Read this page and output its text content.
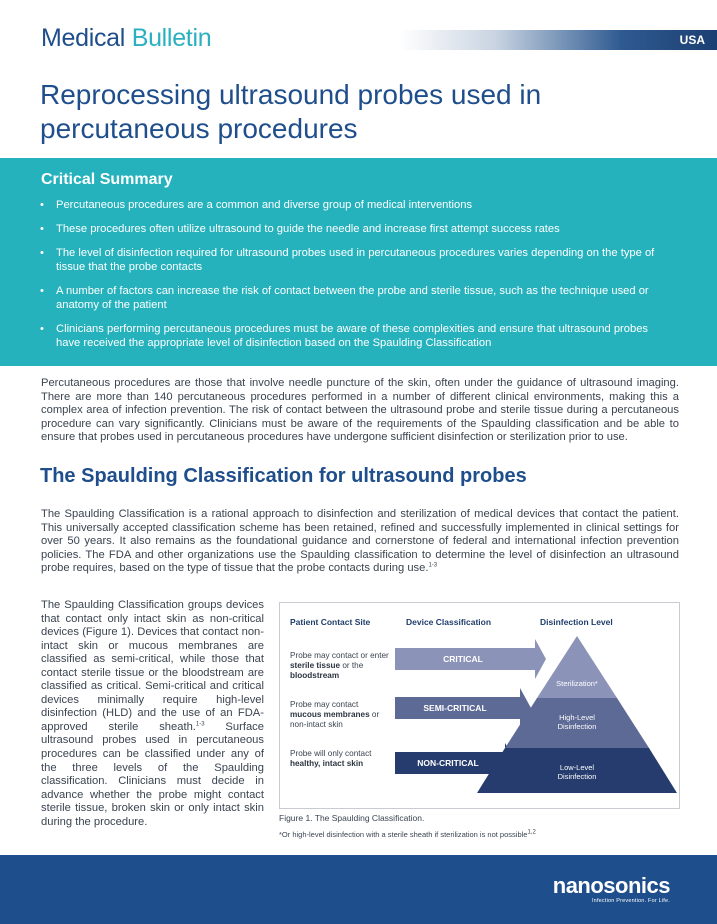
Medical Bulletin	USA
Reprocessing ultrasound probes used in percutaneous procedures
Critical Summary
• Percutaneous procedures are a common and diverse group of medical interventions
• These procedures often utilize ultrasound to guide the needle and increase first attempt success rates
• The level of disinfection required for ultrasound probes used in percutaneous procedures varies depending on the type of tissue that the probe contacts
• A number of factors can increase the risk of contact between the probe and sterile tissue, such as the technique used or anatomy of the patient
• Clinicians performing percutaneous procedures must be aware of these complexities and ensure that ultrasound probes have received the appropriate level of disinfection based on the Spaulding Classification

Percutaneous procedures are those that involve needle puncture of the skin, often under the guidance of ultrasound imaging. There are more than 140 percutaneous procedures performed in a number of different clinical environments, making this a complex area of infection prevention. The risk of contact between the ultrasound probe and sterile tissue during a percutaneous procedure can vary significantly. Clinicians must be aware of the requirements of the Spaulding classification and be able to ensure that probes used in percutaneous procedures have undergone sufficient disinfection or sterilization prior to use.

The Spaulding Classification for ultrasound probes

The Spaulding Classification is a rational approach to disinfection and sterilization of medical devices that contact the patient. This universally accepted classification scheme has been retained, refined and successfully implemented in clinical settings for over 50 years. It also remains as the foundational guidance and cornerstone of federal and international infection prevention policies. The FDA and other organizations use the Spaulding classification to determine the level of disinfection an ultrasound probe requires, based on the type of tissue that the probe contacts during use.$^{1-3}$

The Spaulding Classification groups devices that contact only intact skin as non-critical devices (Figure 1). Devices that contact non-intact skin or mucous membranes are classified as semi-critical, while those that contact sterile tissue or the bloodstream are classified as critical. Semi-critical and critical devices minimally require high-level disinfection (HLD) and the use of an FDA-approved sterile sheath.$^{1-3}$ Surface ultrasound probes used in percutaneous procedures can be classified under any of the three levels of the Spaulding classification. Clinicians must decide in advance whether the probe might contact sterile tissue, broken skin or only intact skin during the procedure.

Patient Contact Site	Device Classification	Disinfection Level
Probe may contact or enter sterile tissue or the bloodstream
Probe may contact mucous membranes or non-intact skin
Probe will only contact healthy, intact skin
CRITICAL
SEMI-CRITICAL
NON-CRITICAL
Sterilization*
High-Level Disinfection
Low-Level Disinfection
Figure 1. The Spaulding Classification.
*Or high-level disinfection with a sterile sheath if sterilization is not possible$^{1,2}$
nanosonics
Infection Prevention. For Life.
